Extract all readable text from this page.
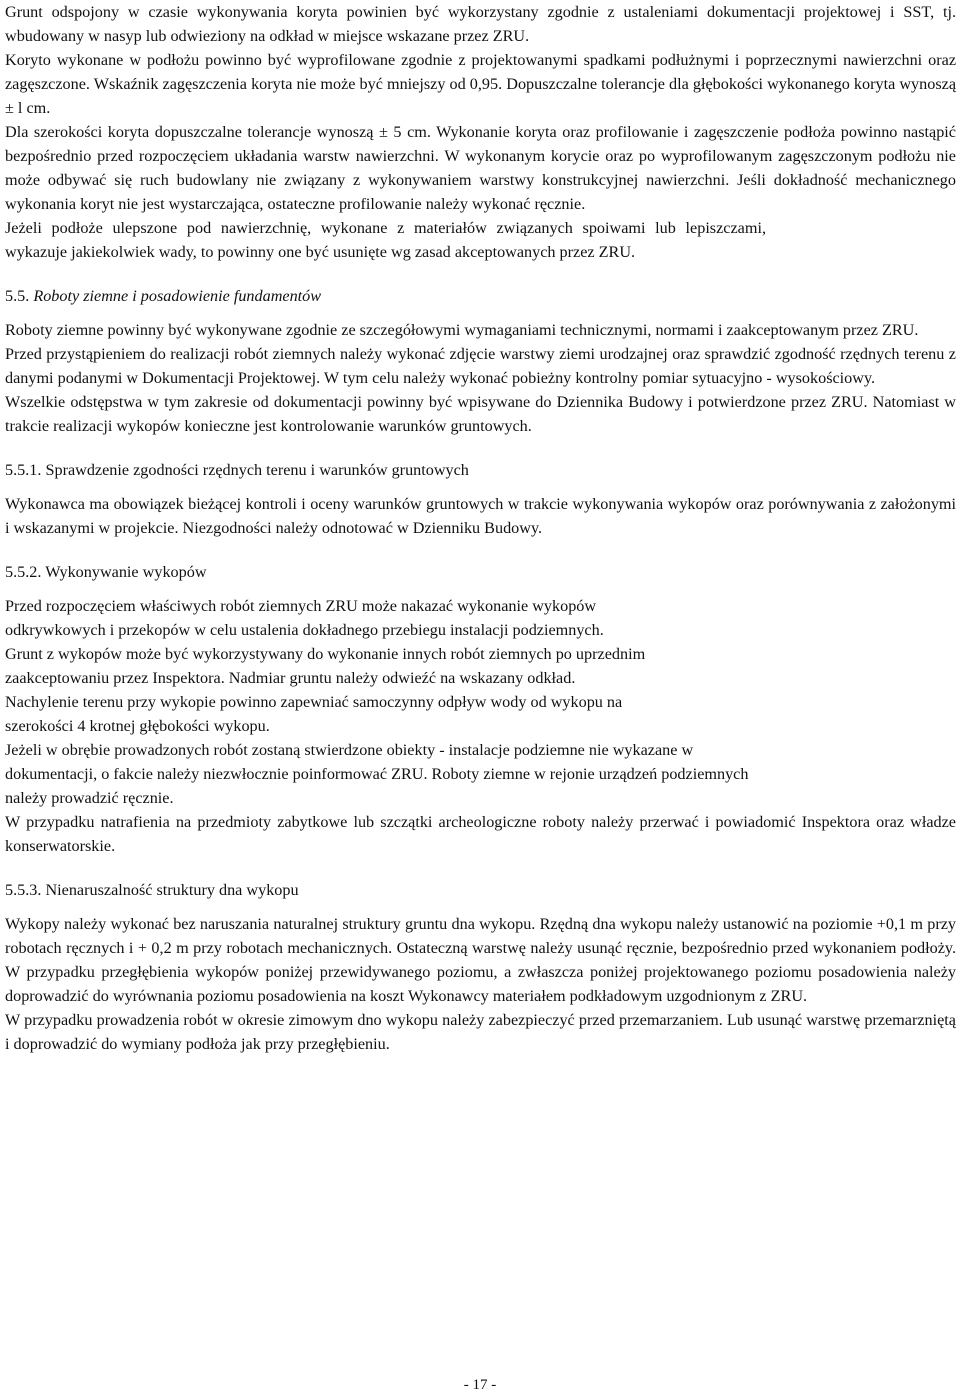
Grunt odspojony w czasie wykonywania koryta powinien być wykorzystany zgodnie z ustaleniami dokumentacji projektowej i SST, tj. wbudowany w nasyp lub odwieziony na odkład w miejsce wskazane przez ZRU.

Koryto wykonane w podłożu powinno być wyprofilowane zgodnie z projektowanymi spadkami podłużnymi i poprzecznymi nawierzchni oraz zagęszczone. Wskaźnik zagęszczenia koryta nie może być mniejszy od 0,95. Dopuszczalne tolerancje dla głębokości wykonanego koryta wynoszą ± l cm.

Dla szerokości koryta dopuszczalne tolerancje wynoszą ± 5 cm. Wykonanie koryta oraz profilowanie i zagęszczenie podłoża powinno nastąpić bezpośrednio przed rozpoczęciem układania warstw nawierzchni. W wykonanym korycie oraz po wyprofilowanym zagęszczonym podłożu nie może odbywać się ruch budowlany nie związany z wykonywaniem warstwy konstrukcyjnej nawierzchni. Jeśli dokładność mechanicznego wykonania koryt nie jest wystarczająca, ostateczne profilowanie należy wykonać ręcznie.

Jeżeli podłoże ulepszone pod nawierzchnię, wykonane z materiałów związanych spoiwami lub lepiszczami, wykazuje jakiekolwiek wady, to powinny one być usunięte wg zasad akceptowanych przez ZRU.

5.5. Roboty ziemne i posadowienie fundamentów

Roboty ziemne powinny być wykonywane zgodnie ze szczegółowymi wymaganiami technicznymi, normami i zaakceptowanym przez ZRU.

Przed przystąpieniem do realizacji robót ziemnych należy wykonać zdjęcie warstwy ziemi urodzajnej oraz sprawdzić zgodność rzędnych terenu z danymi podanymi w Dokumentacji Projektowej. W tym celu należy wykonać pobieżny kontrolny pomiar sytuacyjno - wysokościowy.

Wszelkie odstępstwa w tym zakresie od dokumentacji powinny być wpisywane do Dziennika Budowy i potwierdzone przez ZRU. Natomiast w trakcie realizacji wykopów konieczne jest kontrolowanie warunków gruntowych.

5.5.1. Sprawdzenie zgodności rzędnych terenu i warunków gruntowych

Wykonawca ma obowiązek bieżącej kontroli i oceny warunków gruntowych w trakcie wykonywania wykopów oraz porównywania z założonymi i wskazanymi w projekcie. Niezgodności należy odnotować w Dzienniku Budowy.

5.5.2. Wykonywanie wykopów

Przed rozpoczęciem właściwych robót ziemnych ZRU może nakazać wykonanie wykopów

odkrywkowych i przekopów w celu ustalenia dokładnego przebiegu instalacji podziemnych.

Grunt z wykopów może być wykorzystywany do wykonanie innych robót ziemnych po uprzednim

zaakceptowaniu przez Inspektora. Nadmiar gruntu należy odwieźć na wskazany odkład.

Nachylenie terenu przy wykopie powinno zapewniać samoczynny odpływ wody od wykopu na

szerokości 4 krotnej głębokości wykopu.

Jeżeli w obrębie prowadzonych robót zostaną stwierdzone obiekty - instalacje podziemne nie wykazane w

dokumentacji, o fakcie należy niezwłocznie poinformować ZRU. Roboty ziemne w rejonie urządzeń podziemnych

należy prowadzić ręcznie.

W przypadku natrafienia na przedmioty zabytkowe lub szczątki archeologiczne roboty należy przerwać i powiadomić Inspektora oraz władze konserwatorskie.

5.5.3. Nienaruszalność struktury dna wykopu

Wykopy należy wykonać bez naruszania naturalnej struktury gruntu dna wykopu. Rzędną dna wykopu należy ustanowić na poziomie +0,1 m przy robotach ręcznych i + 0,2 m przy robotach mechanicznych. Ostateczną warstwę należy usunąć ręcznie, bezpośrednio przed wykonaniem podłoży. W przypadku przegłębienia wykopów poniżej przewidywanego poziomu, a zwłaszcza poniżej projektowanego poziomu posadowienia należy doprowadzić do wyrównania poziomu posadowienia na koszt Wykonawcy materiałem podkładowym uzgodnionym z ZRU.

W przypadku prowadzenia robót w okresie zimowym dno wykopu należy zabezpieczyć przed przemarzaniem. Lub usunąć warstwę przemarzniętą i doprowadzić do wymiany podłoża jak przy przegłębieniu.

- 17 -
